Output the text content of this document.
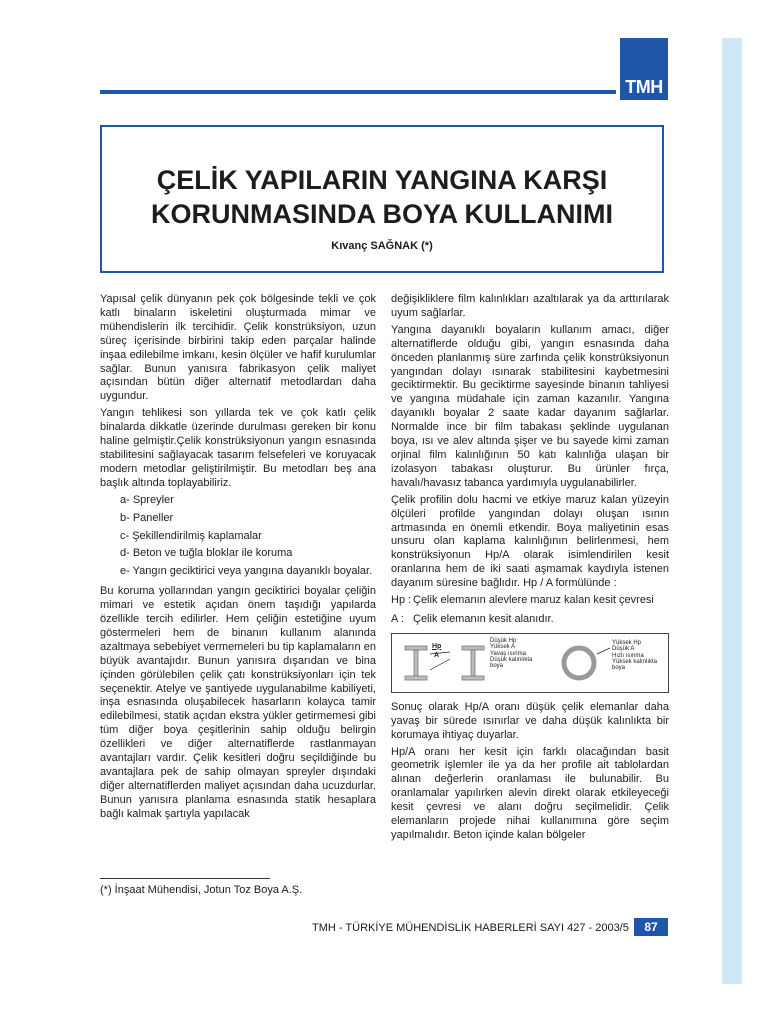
TMH
ÇELİK YAPILARIN YANGINA KARŞI
KORUNMASINDA BOYA KULLANIMI
Kıvanç SAĞNAK (*)

Yapısal çelik dünyanın pek çok bölgesinde tekli ve çok katlı binaların iskeletini oluşturmada mimar ve mühendislerin ilk tercihidir. Çelik konstrüksiyon, uzun süreç içerisinde birbirini takip eden parçalar halinde inşaa edilebilme imkanı, kesin ölçüler ve hafif kurulumlar sağlar. Bunun yanısıra fabrikasyon çelik maliyet açısından bütün diğer alternatif metodlardan daha uygundur.

Yangın tehlikesi son yıllarda tek ve çok katlı çelik binalarda dikkatle üzerinde durulması gereken bir konu haline gelmiştir.Çelik konstrüksiyonun yangın esnasında stabilitesini sağlayacak tasarım felsefeleri ve koruyacak modern metodlar geliştirilmiştir. Bu metodları beş ana başlık altında toplayabiliriz.

a- Spreyler
b- Paneller
c- Şekillendirilmiş kaplamalar
d- Beton ve tuğla bloklar ile koruma
e- Yangın geciktirici veya yangına dayanıklı boyalar.

Bu koruma yollarından yangın geciktirici boyalar çeliğin mimari ve estetik açıdan önem taşıdığı yapılarda özellikle tercih edilirler. Hem çeliğin estetiğine uyum göstermeleri hem de binanın kullanım alanında azaltmaya sebebiyet vermemeleri bu tip kaplamaların en büyük avantajıdır. Bunun yanısıra dışarıdan ve bina içinden görülebilen çelik çatı konstrüksiyonları için tek seçenektir. Atelye ve şantiyede uygulanabilme kabiliyeti, inşa esnasında oluşabilecek hasarların kolayca tamir edilebilmesi, statik açıdan ekstra yükler getirmemesi gibi tüm diğer boya çeşitlerinin sahip olduğu belirgin özellikleri ve diğer alternatiflerde rastlanmayan avantajları vardır. Çelik kesitleri doğru seçildiğinde bu avantajlara pek de sahip olmayan spreyler dışındaki diğer alternatiflerden maliyet açısından daha ucuzdurlar. Bunun yanısıra planlama esnasında statik hesaplara bağlı kalmak şartıyla yapılacak

değişikliklere film kalınlıkları azaltılarak ya da arttırılarak uyum sağlarlar.

Yangına dayanıklı boyaların kullanım amacı, diğer alternatiflerde olduğu gibi, yangın esnasında daha önceden planlanmış süre zarfında çelik konstrüksiyonun yangından dolayı ısınarak stabilitesini kaybetmesini geciktirmektir. Bu geciktirme sayesinde binanın tahliyesi ve yangına müdahale için zaman kazanılır. Yangına dayanıklı boyalar 2 saate kadar dayanım sağlarlar. Normalde ince bir film tabakası şeklinde uygulanan boya, ısı ve alev altında şişer ve bu sayede kimi zaman orjinal film kalınlığının 50 katı kalınlığa ulaşan bir izolasyon tabakası oluşturur. Bu ürünler fırça, havalı/havasız tabanca yardımıyla uygulanabilirler.

Çelik profilin dolu hacmi ve etkiye maruz kalan yüzeyin ölçüleri profilde yangından dolayı oluşan ısının artmasında en önemli etkendir. Boya maliyetinin esas unsuru olan kaplama kalınlığının belirlenmesi, hem konstrüksiyonun Hp/A olarak isimlendirilen kesit oranlarına hem de iki saati aşmamak kaydıyla istenen dayanım süresine bağlıdır. Hp / A formülünde :

Hp : Çelik elemanın alevlere maruz kalan kesit çevresi
A : Çelik elemanın kesit alanıdır.
Hp
A
Düşük Hp
Yüksek A
Yavaş ısınma
Düşük kalınlıkta
boya
Yüksek Hp
Düşük A
Hızlı ısınma
Yüksek kalınlıkta
boya

Sonuç olarak Hp/A oranı düşük çelik elemanlar daha yavaş bir sürede ısınırlar ve daha düşük kalınlıkta bir korumaya ihtiyaç duyarlar.

Hp/A oranı her kesit için farklı olacağından basit geometrik işlemler ile ya da her profile ait tablolardan alınan değerlerin oranlaması ile bulunabilir. Bu oranlamalar yapılırken alevin direkt olarak etkileyeceği kesit çevresi ve alanı doğru seçilmelidir. Çelik elemanların projede nihai kullanımına göre seçim yapılmalıdır. Beton içinde kalan bölgeler

(*) İnşaat Mühendisi, Jotun Toz Boya A.Ş.
TMH - TÜRKİYE MÜHENDİSLİK HABERLERİ SAYI 427 - 2003/5	87
